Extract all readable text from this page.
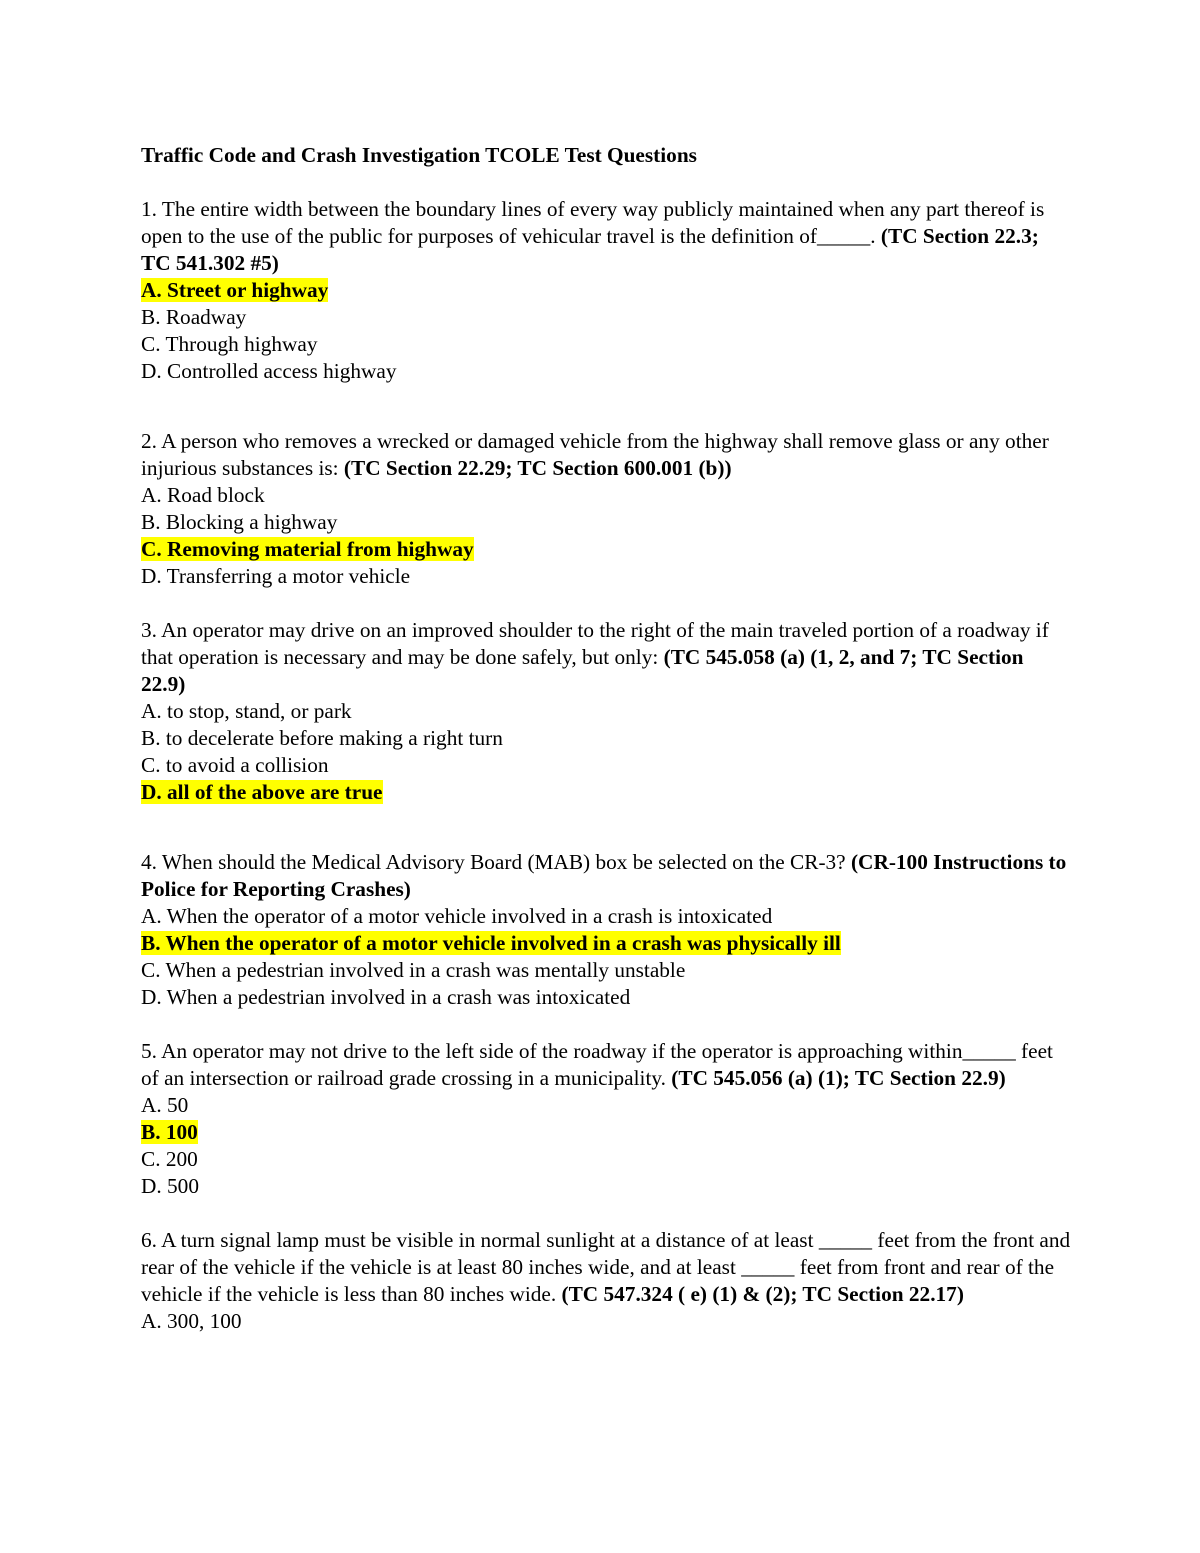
Traffic Code and Crash Investigation TCOLE Test Questions

1. The entire width between the boundary lines of every way publicly maintained when any part thereof is open to the use of the public for purposes of vehicular travel is the definition of_____. (TC Section 22.3; TC 541.302 #5)

A. Street or highway
B. Roadway
C. Through highway
D. Controlled access highway

2. A person who removes a wrecked or damaged vehicle from the highway shall remove glass or any other injurious substances is: (TC Section 22.29; TC Section 600.001 (b))

A. Road block
B. Blocking a highway
C. Removing material from highway
D. Transferring a motor vehicle

3. An operator may drive on an improved shoulder to the right of the main traveled portion of a roadway if that operation is necessary and may be done safely, but only: (TC 545.058 (a) (1, 2, and 7; TC Section 22.9)

A. to stop, stand, or park
B. to decelerate before making a right turn
C. to avoid a collision
D. all of the above are true

4. When should the Medical Advisory Board (MAB) box be selected on the CR-3? (CR-100 Instructions to Police for Reporting Crashes)

A. When the operator of a motor vehicle involved in a crash is intoxicated
B. When the operator of a motor vehicle involved in a crash was physically ill
C. When a pedestrian involved in a crash was mentally unstable
D. When a pedestrian involved in a crash was intoxicated

5. An operator may not drive to the left side of the roadway if the operator is approaching within_____ feet of an intersection or railroad grade crossing in a municipality. (TC 545.056 (a) (1); TC Section 22.9)

A. 50
B. 100
C. 200
D. 500

6. A turn signal lamp must be visible in normal sunlight at a distance of at least _____ feet from the front and rear of the vehicle if the vehicle is at least 80 inches wide, and at least _____ feet from front and rear of the vehicle if the vehicle is less than 80 inches wide. (TC 547.324 ( e) (1) & (2); TC Section 22.17)

A. 300, 100
